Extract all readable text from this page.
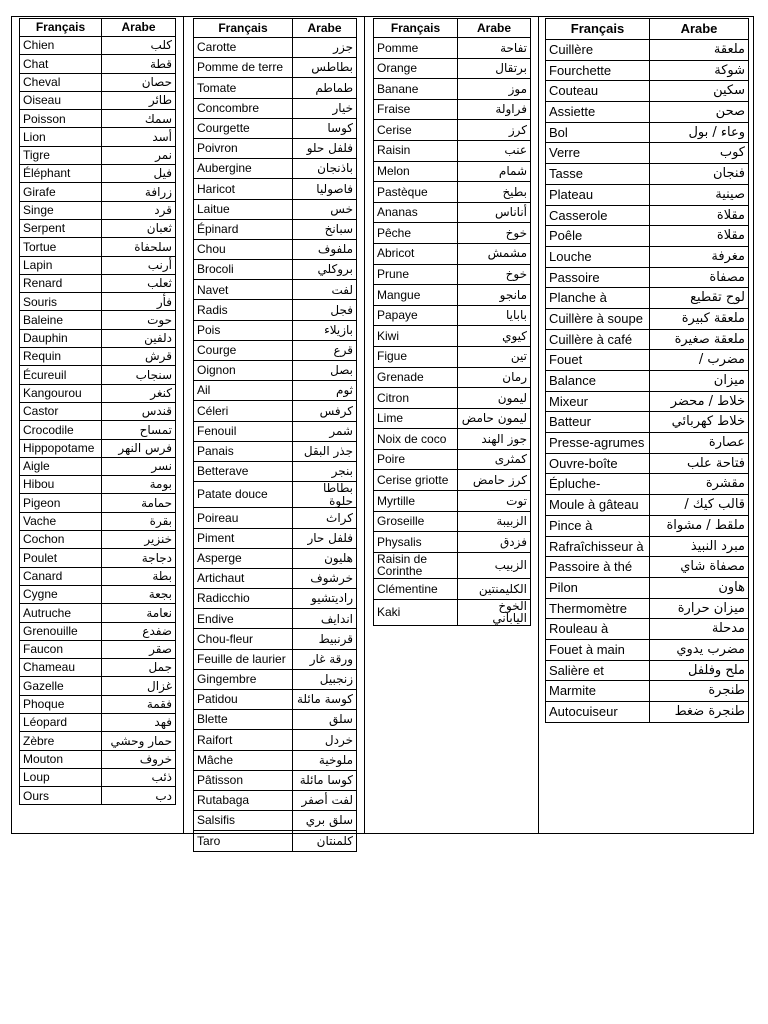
Français	Arabe
Chien	كلب
Chat	قطة
Cheval	حصان
Oiseau	طائر
Poisson	سمك
Lion	أسد
Tigre	نمر
Éléphant	فيل
Girafe	زرافة
Singe	قرد
Serpent	ثعبان
Tortue	سلحفاة
Lapin	أرنب
Renard	ثعلب
Souris	فأر
Baleine	حوت
Dauphin	دلفين
Requin	قرش
Écureuil	سنجاب
Kangourou	كنغر
Castor	قندس
Crocodile	تمساح
Hippopotame	فرس النهر
Aigle	نسر
Hibou	بومة
Pigeon	حمامة
Vache	بقرة
Cochon	خنزير
Poulet	دجاجة
Canard	بطة
Cygne	بجعة
Autruche	نعامة
Grenouille	ضفدع
Faucon	صقر
Chameau	جمل
Gazelle	غزال
Phoque	فقمة
Léopard	فهد
Zèbre	حمار وحشي
Mouton	خروف
Loup	ذئب
Ours	دب
Français	Arabe
Carotte	جزر
Pomme de terre	بطاطس
Tomate	طماطم
Concombre	خيار
Courgette	كوسا
Poivron	فلفل حلو
Aubergine	باذنجان
Haricot	فاصوليا
Laitue	خس
Épinard	سبانخ
Chou	ملفوف
Brocoli	بروكلي
Navet	لفت
Radis	فجل
Pois	بازيلاء
Courge	قرع
Oignon	بصل
Ail	ثوم
Céleri	كرفس
Fenouil	شمر
Panais	جذر البقل
Betterave	بنجر
Patate douce	بطاطا حلوة
Poireau	كراث
Piment	فلفل حار
Asperge	هليون
Artichaut	خرشوف
Radicchio	راديتشيو
Endive	اندايف
Chou-fleur	قرنبيط
Feuille de laurier	ورقة غار
Gingembre	زنجبيل
Patidou	كوسة مائلة
Blette	سلق
Raifort	خردل
Mâche	ملوخية
Pâtisson	كوسا مائلة
Rutabaga	لفت أصفر
Salsifis	سلق بري
Taro	كلمنتان
Français	Arabe
Pomme	تفاحة
Orange	برتقال
Banane	موز
Fraise	فراولة
Cerise	كرز
Raisin	عنب
Melon	شمام
Pastèque	بطيخ
Ananas	أناناس
Pêche	خوخ
Abricot	مشمش
Prune	خوخ
Mangue	مانجو
Papaye	بابايا
Kiwi	كيوي
Figue	تين
Grenade	رمان
Citron	ليمون
Lime	ليمون حامض
Noix de coco	جوز الهند
Poire	كمثرى
Cerise griotte	كرز حامض
Myrtille	توت
Groseille	الزبيبة
Physalis	فزدق
Raisin de Corinthe	الزبيب
Clémentine	الكليمنتين
Kaki	الخوخ الياباني
Français	Arabe
Cuillère	ملعقة
Fourchette	شوكة
Couteau	سكين
Assiette	صحن
Bol	وعاء / بول
Verre	كوب
Tasse	فنجان
Plateau	صينية
Casserole	مقلاة
Poêle	مقلاة
Louche	مغرفة
Passoire	مصفاة
Planche à	لوح تقطيع
Cuillère à soupe	ملعقة كبيرة
Cuillère à café	ملعقة صغيرة
Fouet	مضرب /
Balance	ميزان
Mixeur	خلاط / محضر
Batteur	خلاط كهربائي
Presse-agrumes	عصارة
Ouvre-boîte	فتاحة علب
Épluche-	مقشرة
Moule à gâteau	قالب كيك /
Pince à	ملقط / مشواة
Rafraîchisseur à	مبرد النبيذ
Passoire à thé	مصفاة شاي
Pilon	هاون
Thermomètre	ميزان حرارة
Rouleau à	مدحلة
Fouet à main	مضرب يدوي
Salière et	ملح وفلفل
Marmite	طنجرة
Autocuiseur	طنجرة ضغط
